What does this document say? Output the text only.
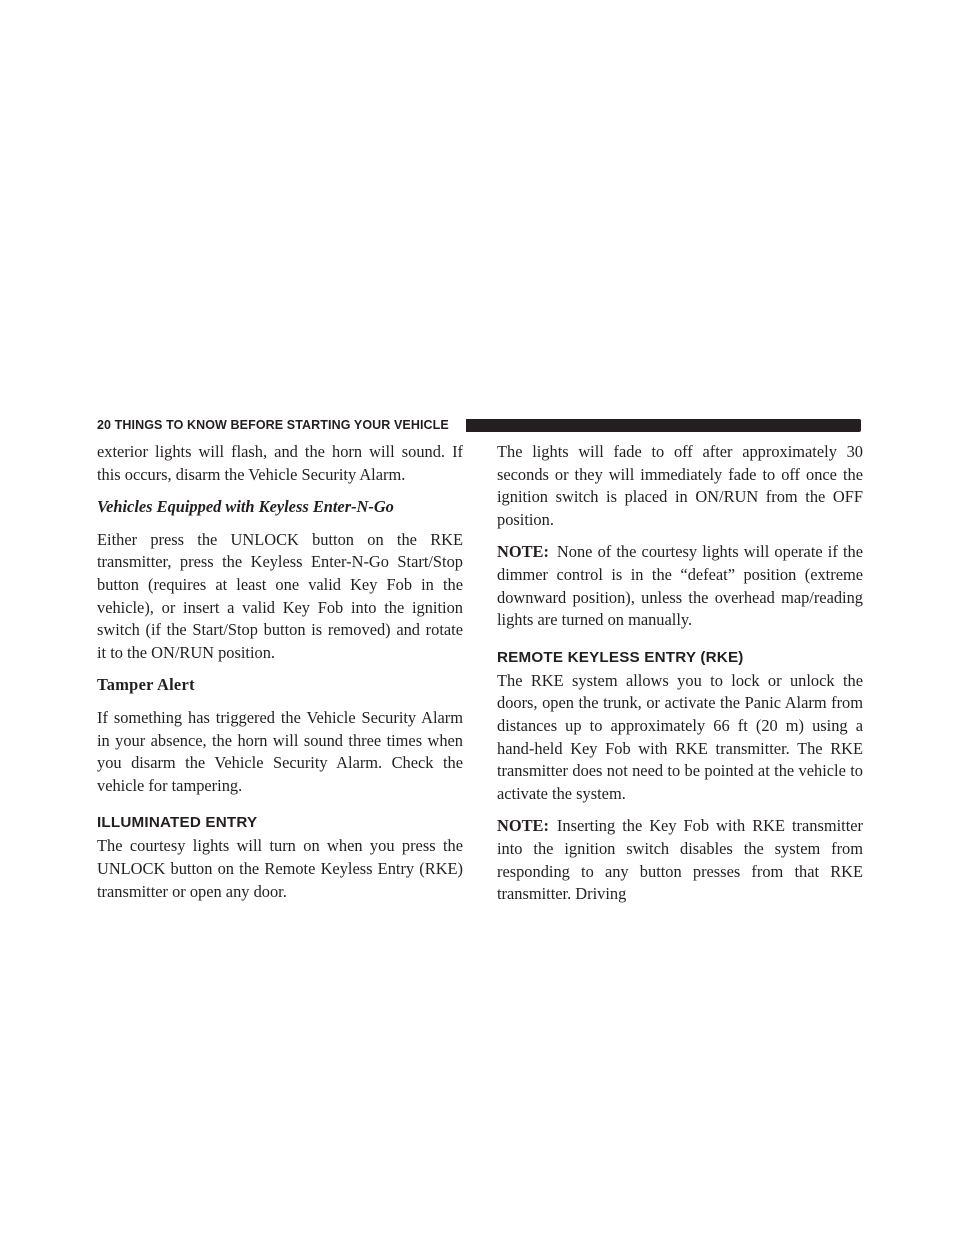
20 THINGS TO KNOW BEFORE STARTING YOUR VEHICLE

exterior lights will flash, and the horn will sound. If this occurs, disarm the Vehicle Security Alarm.

Vehicles Equipped with Keyless Enter-N-Go

Either press the UNLOCK button on the RKE transmitter, press the Keyless Enter-N-Go Start/Stop button (requires at least one valid Key Fob in the vehicle), or insert a valid Key Fob into the ignition switch (if the Start/Stop button is removed) and rotate it to the ON/RUN position.

Tamper Alert

If something has triggered the Vehicle Security Alarm in your absence, the horn will sound three times when you disarm the Vehicle Security Alarm. Check the vehicle for tampering.

ILLUMINATED ENTRY

The courtesy lights will turn on when you press the UNLOCK button on the Remote Keyless Entry (RKE) transmitter or open any door.

The lights will fade to off after approximately 30 seconds or they will immediately fade to off once the ignition switch is placed in ON/RUN from the OFF position.

NOTE: None of the courtesy lights will operate if the dimmer control is in the “defeat” position (extreme downward position), unless the overhead map/reading lights are turned on manually.

REMOTE KEYLESS ENTRY (RKE)

The RKE system allows you to lock or unlock the doors, open the trunk, or activate the Panic Alarm from distances up to approximately 66 ft (20 m) using a hand-held Key Fob with RKE transmitter. The RKE transmitter does not need to be pointed at the vehicle to activate the system.

NOTE: Inserting the Key Fob with RKE transmitter into the ignition switch disables the system from responding to any button presses from that RKE transmitter. Driving
